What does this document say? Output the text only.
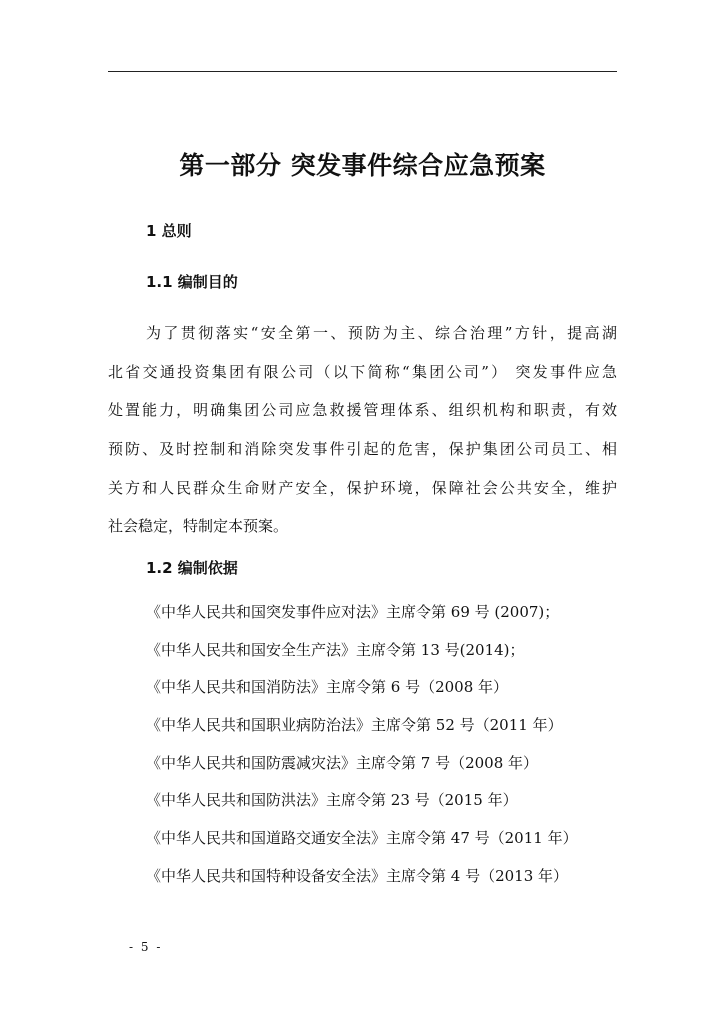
第一部分 突发事件综合应急预案
1 总则
1.1 编制目的
为了贯彻落实“安全第一、预防为主、综合治理”方针，提高湖
北省交通投资集团有限公司（以下简称“集团公司”） 突发事件应急
处置能力，明确集团公司应急救援管理体系、组织机构和职责，有效
预防、及时控制和消除突发事件引起的危害，保护集团公司员工、相
关方和人民群众生命财产安全，保护环境，保障社会公共安全，维护
社会稳定，特制定本预案。
1.2 编制依据
《中华人民共和国突发事件应对法》主席令第 69 号 (2007)；
《中华人民共和国安全生产法》主席令第 13 号(2014)；
《中华人民共和国消防法》主席令第 6 号（2008 年）
《中华人民共和国职业病防治法》主席令第 52 号（2011 年）
《中华人民共和国防震减灾法》主席令第 7 号（2008 年）
《中华人民共和国防洪法》主席令第 23 号（2015 年）
《中华人民共和国道路交通安全法》主席令第 47 号（2011 年）
《中华人民共和国特种设备安全法》主席令第 4 号（2013 年）
- 5 -
